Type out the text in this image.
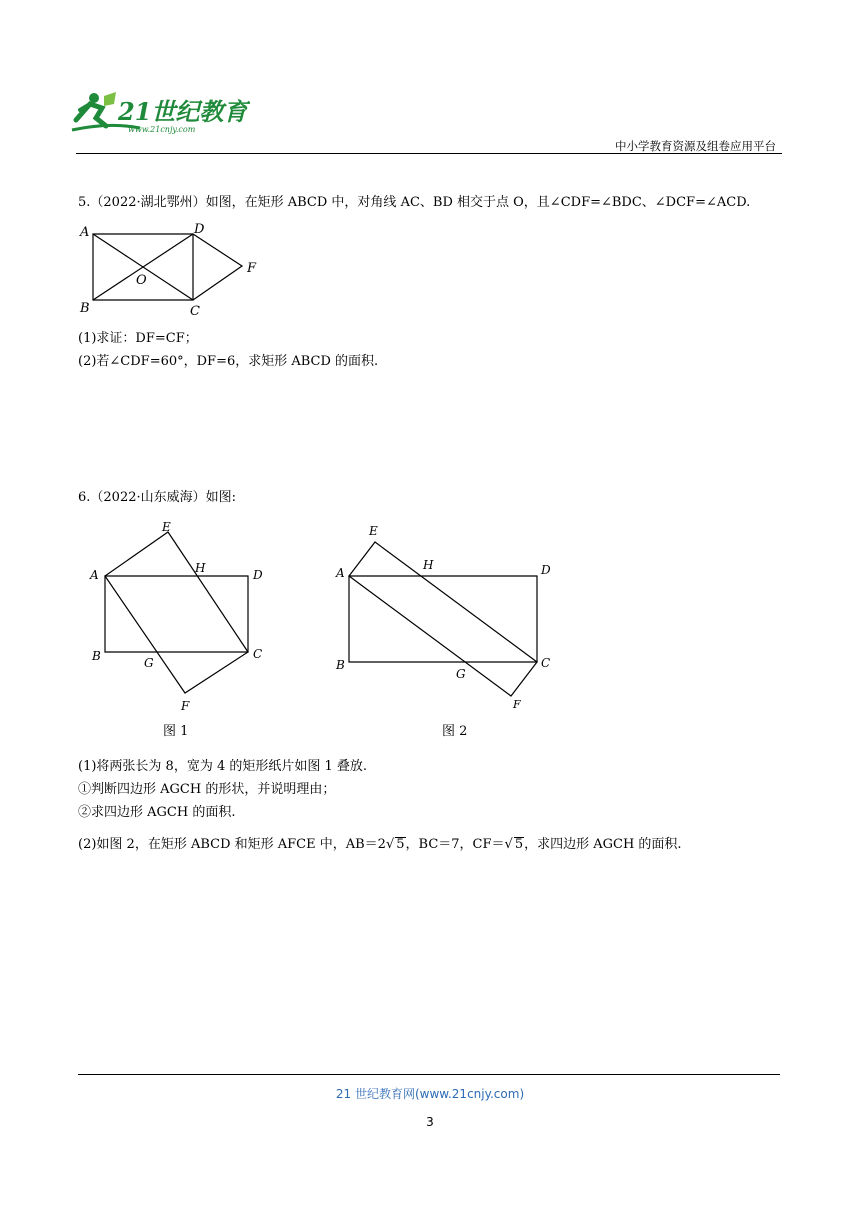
21世纪教育
www.21cnjy.com
中小学教育资源及组卷应用平台
5.（2022·湖北鄂州）如图，在矩形 ABCD 中，对角线 AC、BD 相交于点 O，且∠CDF=∠BDC、∠DCF=∠ACD.
A	D
B	C
O
F
(1)求证：DF=CF；
(2)若∠CDF=60°，DF=6，求矩形 ABCD 的面积.
6.（2022·山东威海）如图:
E
A	H	D
B	G
C
F
图 1
E
A
H	D
B
G
C
F
图 2
(1)将两张长为 8，宽为 4 的矩形纸片如图 1 叠放.
①判断四边形 AGCH 的形状，并说明理由；
②求四边形 AGCH 的面积.
(2)如图 2，在矩形 ABCD 和矩形 AFCE 中，AB＝2√ 5，BC＝7，CF＝√ 5，求四边形 AGCH 的面积.
21 世纪教育网(www.21cnjy.com)
3
